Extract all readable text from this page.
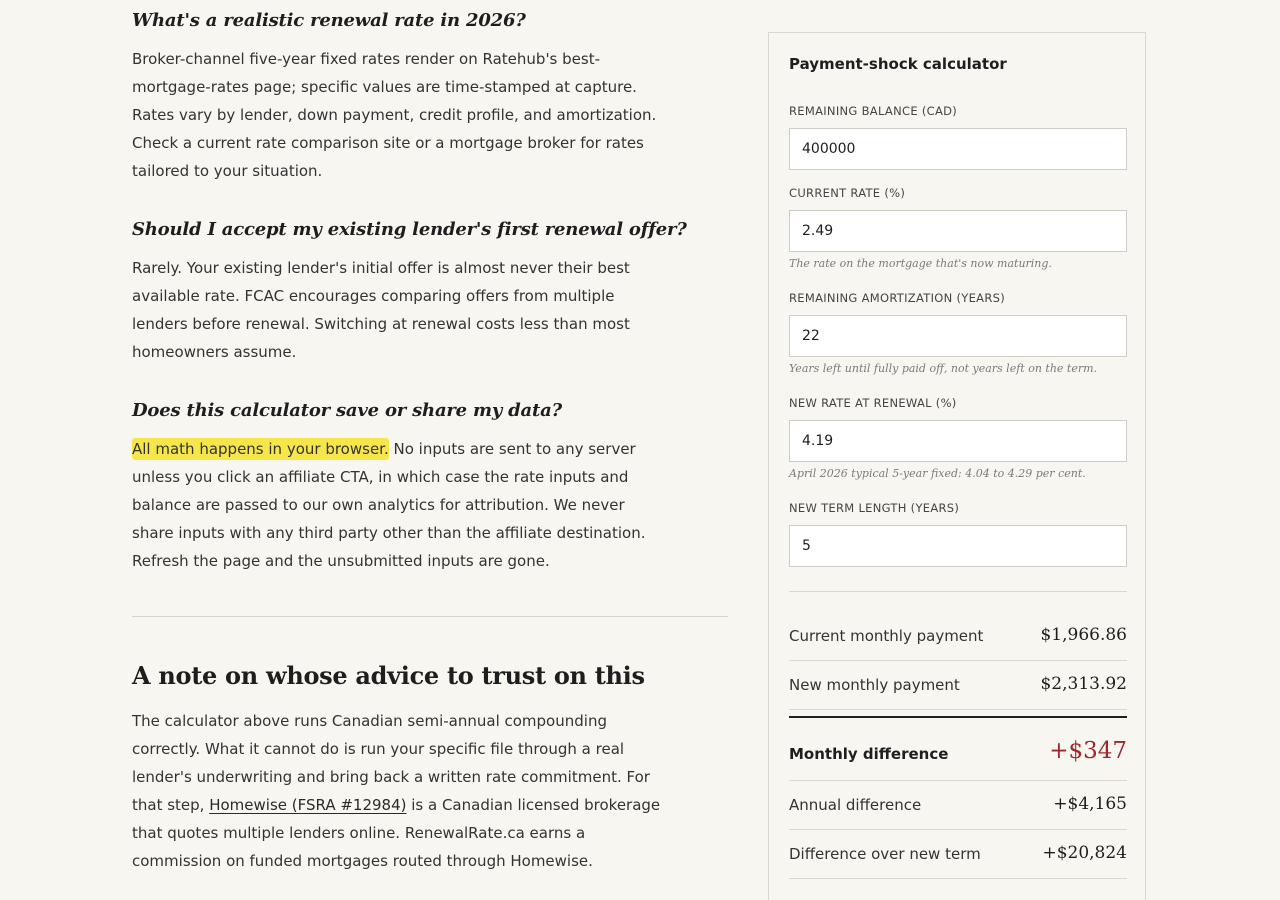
What's a realistic renewal rate in 2026?

Broker-channel five-year fixed rates render on Ratehub's best-mortgage-rates page; specific values are time-stamped at capture. Rates vary by lender, down payment, credit profile, and amortization. Check a current rate comparison site or a mortgage broker for rates tailored to your situation.

Should I accept my existing lender's first renewal offer?

Rarely. Your existing lender's initial offer is almost never their best available rate. FCAC encourages comparing offers from multiple lenders before renewal. Switching at renewal costs less than most homeowners assume.

Does this calculator save or share my data?

All math happens in your browser. No inputs are sent to any server unless you click an affiliate CTA, in which case the rate inputs and balance are passed to our own analytics for attribution. We never share inputs with any third party other than the affiliate destination. Refresh the page and the unsubmitted inputs are gone.

A note on whose advice to trust on this

The calculator above runs Canadian semi-annual compounding correctly. What it cannot do is run your specific file through a real lender's underwriting and bring back a written rate commitment. For that step, Homewise (FSRA #12984) is a Canadian licensed brokerage that quotes multiple lenders online. RenewalRate.ca earns a commission on funded mortgages routed through Homewise.

Payment-shock calculator
REMAINING BALANCE (CAD)
400000
CURRENT RATE (%)
2.49
The rate on the mortgage that's now maturing.
REMAINING AMORTIZATION (YEARS)
22
Years left until fully paid off, not years left on the term.
NEW RATE AT RENEWAL (%)
4.19
April 2026 typical 5-year fixed: 4.04 to 4.29 per cent.
NEW TERM LENGTH (YEARS)
5
Current monthly payment	$1,966.86
New monthly payment	$2,313.92
Monthly difference	+$347
Annual difference	+$4,165
Difference over new term	+$20,824
